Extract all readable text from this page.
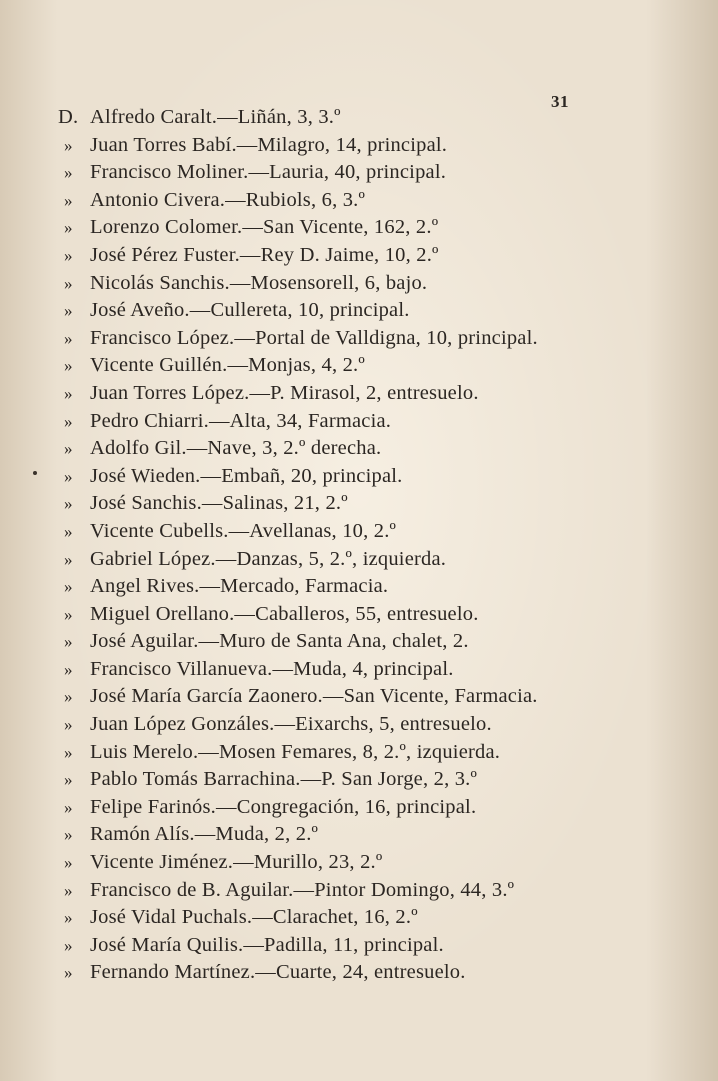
31
D. Alfredo Caralt.—Liñán, 3, 3.º
» Juan Torres Babí.—Milagro, 14, principal.
» Francisco Moliner.—Lauria, 40, principal.
» Antonio Civera.—Rubiols, 6, 3.º
» Lorenzo Colomer.—San Vicente, 162, 2.º
» José Pérez Fuster.—Rey D. Jaime, 10, 2.º
» Nicolás Sanchis.—Mosensorell, 6, bajo.
» José Aveño.—Cullereta, 10, principal.
» Francisco López.—Portal de Valldigna, 10, principal.
» Vicente Guillén.—Monjas, 4, 2.º
» Juan Torres López.—P. Mirasol, 2, entresuelo.
» Pedro Chiarri.—Alta, 34, Farmacia.
» Adolfo Gil.—Nave, 3, 2.º derecha.
» José Wieden.—Embañ, 20, principal.
» José Sanchis.—Salinas, 21, 2.º
» Vicente Cubells.—Avellanas, 10, 2.º
» Gabriel López.—Danzas, 5, 2.º, izquierda.
» Angel Rives.—Mercado, Farmacia.
» Miguel Orellano.—Caballeros, 55, entresuelo.
» José Aguilar.—Muro de Santa Ana, chalet, 2.
» Francisco Villanueva.—Muda, 4, principal.
» José María García Zaonero.—San Vicente, Farmacia.
» Juan López Gonzáles.—Eixarchs, 5, entresuelo.
» Luis Merelo.—Mosen Femares, 8, 2.º, izquierda.
» Pablo Tomás Barrachina.—P. San Jorge, 2, 3.º
» Felipe Farinós.—Congregación, 16, principal.
» Ramón Alís.—Muda, 2, 2.º
» Vicente Jiménez.—Murillo, 23, 2.º
» Francisco de B. Aguilar.—Pintor Domingo, 44, 3.º
» José Vidal Puchals.—Clarachet, 16, 2.º
» José María Quilis.—Padilla, 11, principal.
» Fernando Martínez.—Cuarte, 24, entresuelo.
